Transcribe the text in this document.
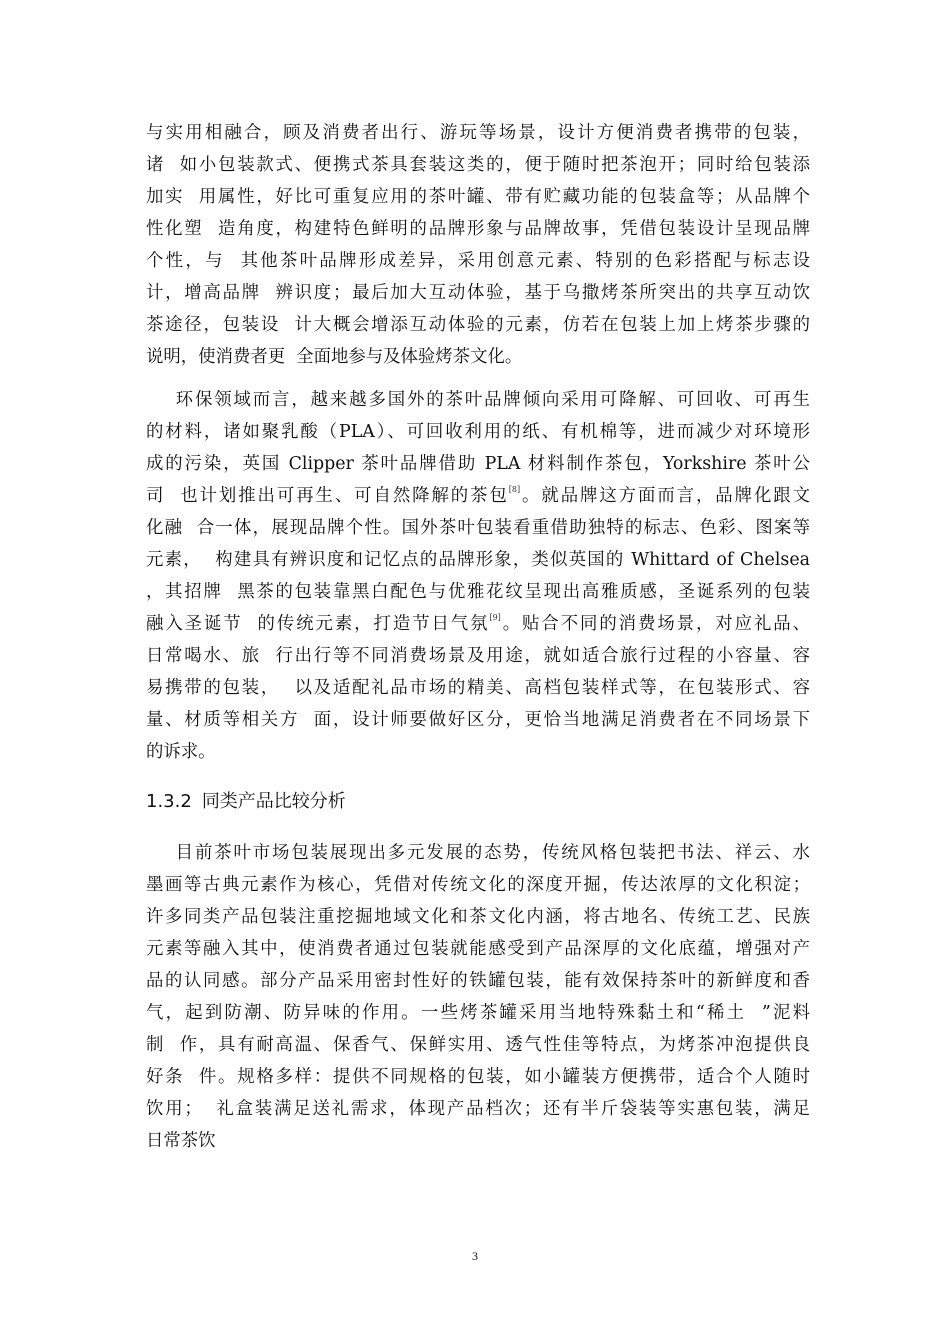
与实用相融合，顾及消费者出行、游玩等场景，设计方便消费者携带的包装，
诸  如小包装款式、便携式茶具套装这类的，便于随时把茶泡开；同时给包装添
加实  用属性，好比可重复应用的茶叶罐、带有贮藏功能的包装盒等；从品牌个
性化塑  造角度，构建特色鲜明的品牌形象与品牌故事，凭借包装设计呈现品牌
个性，与  其他茶叶品牌形成差异，采用创意元素、特别的色彩搭配与标志设
计，增高品牌  辨识度；最后加大互动体验，基于乌撒烤茶所突出的共享互动饮
茶途径，包装设  计大概会增添互动体验的元素，仿若在包装上加上烤茶步骤的
说明，使消费者更  全面地参与及体验烤茶文化。
环保领域而言，越来越多国外的茶叶品牌倾向采用可降解、可回收、可再生
的材料，诸如聚乳酸（PLA）、可回收利用的纸、有机棉等，进而减少对环境形
成的污染，英国 Clipper 茶叶品牌借助 PLA 材料制作茶包，Yorkshire 茶叶公
司  也计划推出可再生、可自然降解的茶包[8]。就品牌这方面而言，品牌化跟文
化融  合一体，展现品牌个性。国外茶叶包装看重借助独特的标志、色彩、图案等
元素，  构建具有辨识度和记忆点的品牌形象，类似英国的 Whittard of Chelsea
，其招牌  黑茶的包装靠黑白配色与优雅花纹呈现出高雅质感，圣诞系列的包装
融入圣诞节  的传统元素，打造节日气氛[9]。贴合不同的消费场景，对应礼品、
日常喝水、旅  行出行等不同消费场景及用途，就如适合旅行过程的小容量、容
易携带的包装，  以及适配礼品市场的精美、高档包装样式等，在包装形式、容
量、材质等相关方  面，设计师要做好区分，更恰当地满足消费者在不同场景下
的诉求。
1.3.2 同类产品比较分析
目前茶叶市场包装展现出多元发展的态势，传统风格包装把书法、祥云、水
墨画等古典元素作为核心，凭借对传统文化的深度开掘，传达浓厚的文化积淀；
许多同类产品包装注重挖掘地域文化和茶文化内涵，将古地名、传统工艺、民族
元素等融入其中，使消费者通过包装就能感受到产品深厚的文化底蕴，增强对产
品的认同感。部分产品采用密封性好的铁罐包装，能有效保持茶叶的新鲜度和香
气，起到防潮、防异味的作用。一些烤茶罐采用当地特殊黏土和“稀土  ”泥料
制  作，具有耐高温、保香气、保鲜实用、透气性佳等特点，为烤茶冲泡提供良
好条  件。规格多样：提供不同规格的包装，如小罐装方便携带，适合个人随时
饮用；  礼盒装满足送礼需求，体现产品档次；还有半斤袋装等实惠包装，满足
日常茶饮
3
